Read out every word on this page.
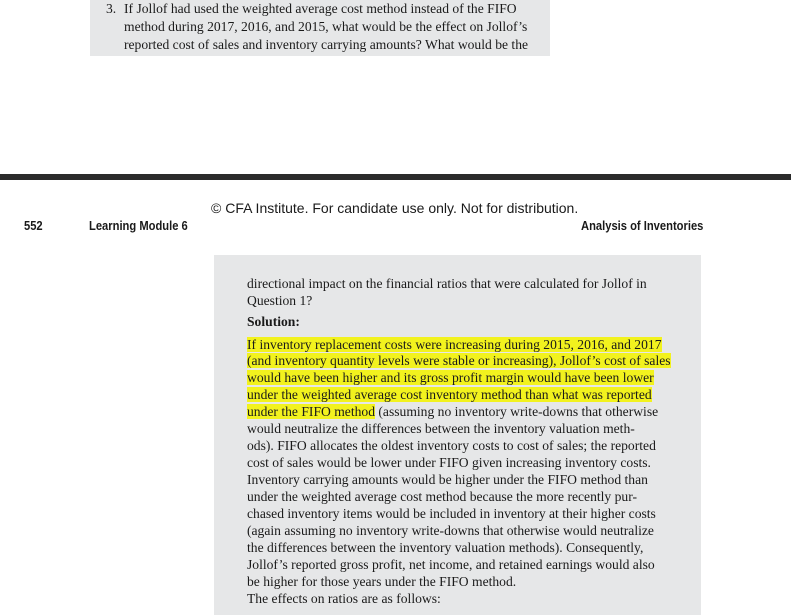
3. If Jollof had used the weighted average cost method instead of the FIFO
method during 2017, 2016, and 2015, what would be the effect on Jollof’s
reported cost of sales and inventory carrying amounts? What would be the
© CFA Institute. For candidate use only. Not for distribution.
552	Learning Module 6	Analysis of Inventories
directional impact on the financial ratios that were calculated for Jollof in
Question 1?
Solution:
If inventory replacement costs were increasing during 2015, 2016, and 2017
(and inventory quantity levels were stable or increasing), Jollof’s cost of sales
would have been higher and its gross profit margin would have been lower
under the weighted average cost inventory method than what was reported
under the FIFO method (assuming no inventory write-downs that otherwise
would neutralize the differences between the inventory valuation meth-
ods). FIFO allocates the oldest inventory costs to cost of sales; the reported
cost of sales would be lower under FIFO given increasing inventory costs.
Inventory carrying amounts would be higher under the FIFO method than
under the weighted average cost method because the more recently pur-
chased inventory items would be included in inventory at their higher costs
(again assuming no inventory write-downs that otherwise would neutralize
the differences between the inventory valuation methods). Consequently,
Jollof’s reported gross profit, net income, and retained earnings would also
be higher for those years under the FIFO method.
The effects on ratios are as follows:
